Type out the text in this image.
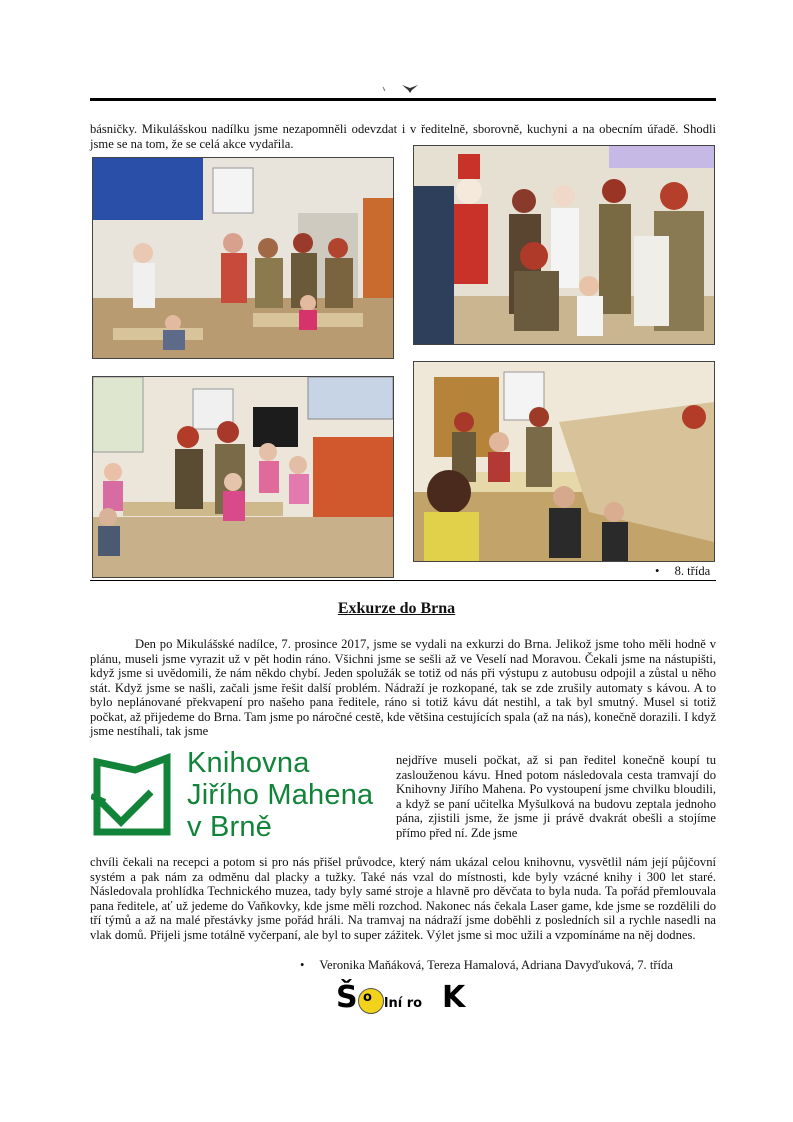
básničky. Mikulášskou nadílku jsme nezapomněli odevzdat i v ředitelně, sborovně, kuchyni a na obecním úřadě. Shodli jsme se na tom, že se celá akce vydařila.

• 8. třída
Exkurze do Brna

Den po Mikulášské nadílce, 7. prosince 2017, jsme se vydali na exkurzi do Brna. Jelikož jsme toho měli hodně v plánu, museli jsme vyrazit už v pět hodin ráno. Všichni jsme se sešli až ve Veselí nad Moravou. Čekali jsme na nástupišti, když jsme si uvědomili, že nám někdo chybí. Jeden spolužák se totiž od nás při výstupu z autobusu odpojil a zůstal u něho stát. Když jsme se našli, začali jsme řešit další problém. Nádraží je rozkopané, tak se zde zrušily automaty s kávou. A to bylo neplánované překvapení pro našeho pana ředitele, ráno si totiž kávu dát nestihl, a tak byl smutný. Musel si totiž počkat, až přijedeme do Brna. Tam jsme po náročné cestě, kde většina cestujících spala (až na nás), konečně dorazili. I když jsme nestíhali, tak jsme

Knihovna
Jiřího Mahena
v Brně

nejdříve museli počkat, až si pan ředitel konečně koupí tu zaslouženou kávu. Hned potom následovala cesta tramvají do Knihovny Jiřího Mahena. Po vystoupení jsme chvilku bloudili, a když se paní učitelka Myšulková na budovu zeptala jednoho pána, zjistili jsme, že jsme ji právě dvakrát obešli a stojíme přímo před ní. Zde jsme

chvíli čekali na recepci a potom si pro nás přišel průvodce, který nám ukázal celou knihovnu, vysvětlil nám její půjčovní systém a pak nám za odměnu dal placky a tužky. Také nás vzal do místnosti, kde byly vzácné knihy i 300 let staré. Následovala prohlídka Technického muzea, tady byly samé stroje a hlavně pro děvčata to byla nuda. Ta pořád přemlouvala pana ředitele, ať už jedeme do Vaňkovky, kde jsme měli rozchod. Nakonec nás čekala Laser game, kde jsme se rozdělili do tří týmů a až na malé přestávky jsme pořád hráli. Na tramvaj na nádraží jsme doběhli z posledních sil a rychle nasedli na vlak domů. Přijeli jsme totálně vyčerpaní, ale byl to super zážitek. Výlet jsme si moc užili a vzpomínáme na něj dodnes.

• Veronika Maňáková, Tereza Hamalová, Adriana Davyďuková, 7. třída
Š o lní ro K
